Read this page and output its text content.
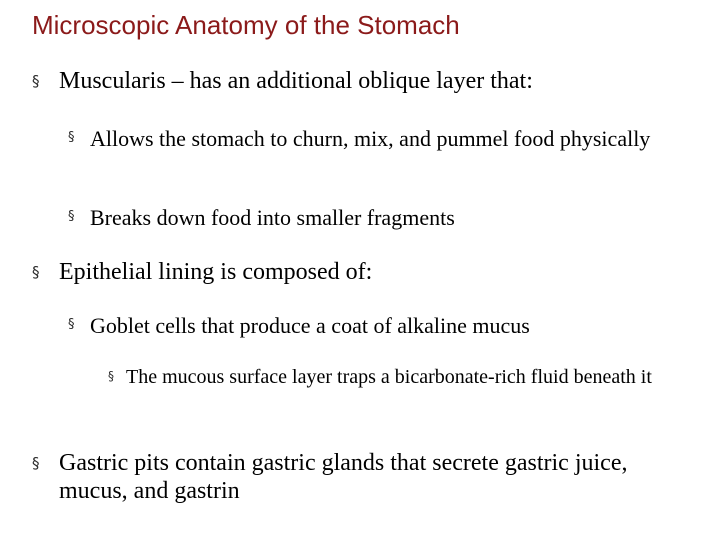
Microscopic Anatomy of the Stomach
§ Muscularis – has an additional oblique layer that:
§ Allows the stomach to churn, mix, and pummel food physically
§ Breaks down food into smaller fragments
§ Epithelial lining is composed of:
§ Goblet cells that produce a coat of alkaline mucus
§ The mucous surface layer traps a bicarbonate-rich fluid beneath it
§ Gastric pits contain gastric glands that secrete gastric juice, mucus, and gastrin
